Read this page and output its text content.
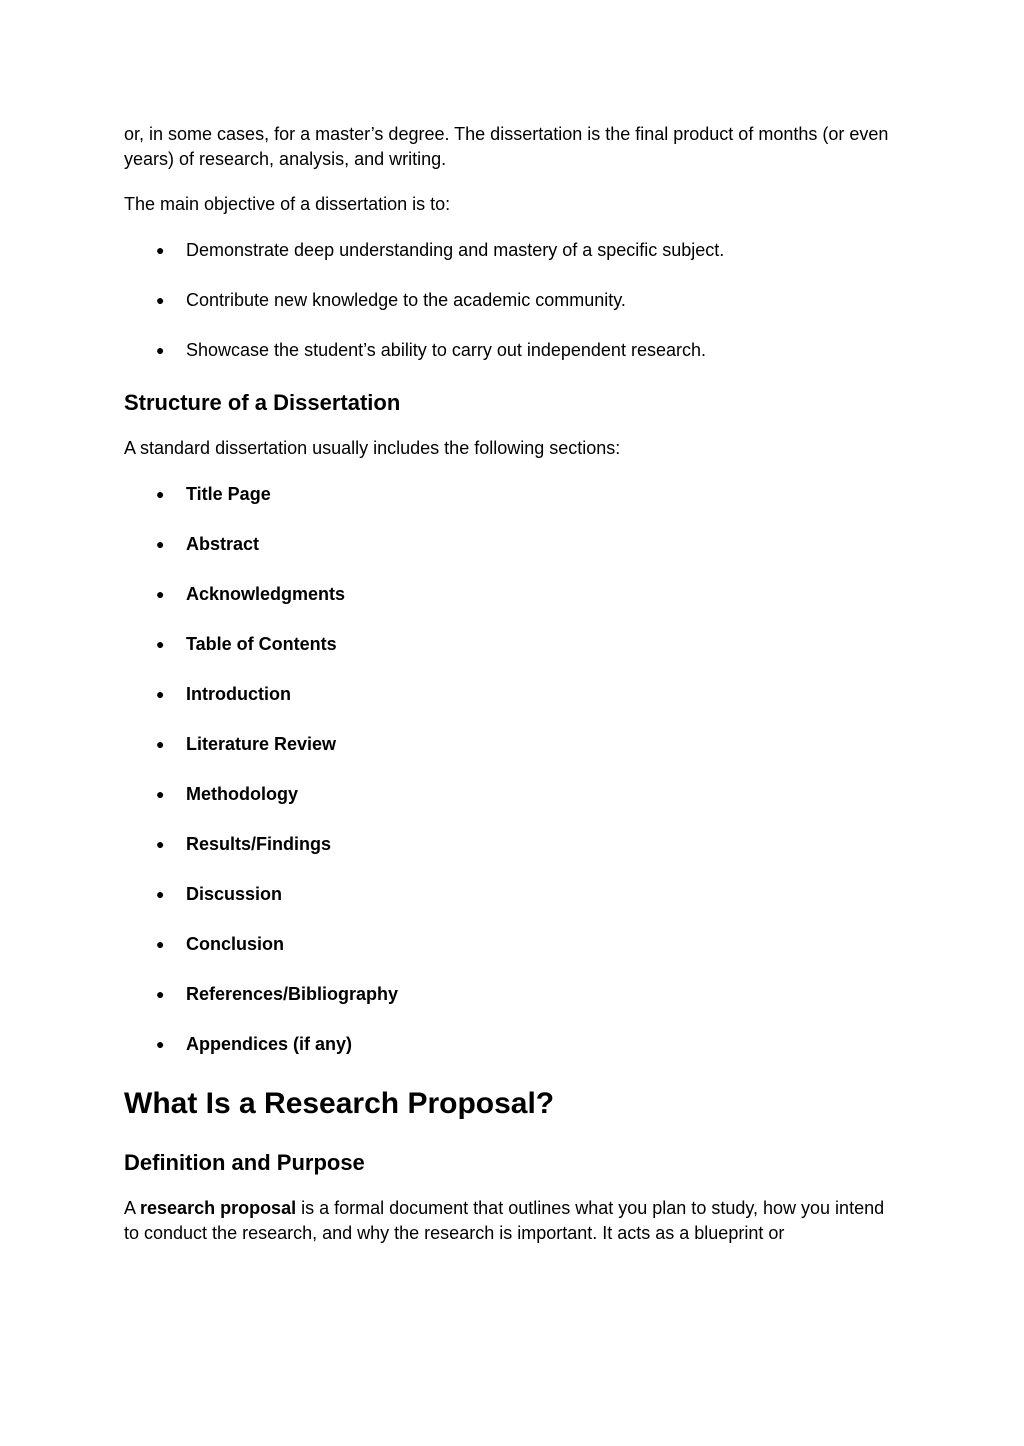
or, in some cases, for a master’s degree. The dissertation is the final product of months (or even years) of research, analysis, and writing.

The main objective of a dissertation is to:

● Demonstrate deep understanding and mastery of a specific subject.
● Contribute new knowledge to the academic community.
● Showcase the student’s ability to carry out independent research.
Structure of a Dissertation

A standard dissertation usually includes the following sections:

● Title Page
● Abstract
● Acknowledgments
● Table of Contents
● Introduction
● Literature Review
● Methodology
● Results/Findings
● Discussion
● Conclusion
● References/Bibliography
● Appendices (if any)
What Is a Research Proposal?
Definition and Purpose

A research proposal is a formal document that outlines what you plan to study, how you intend to conduct the research, and why the research is important. It acts as a blueprint or
